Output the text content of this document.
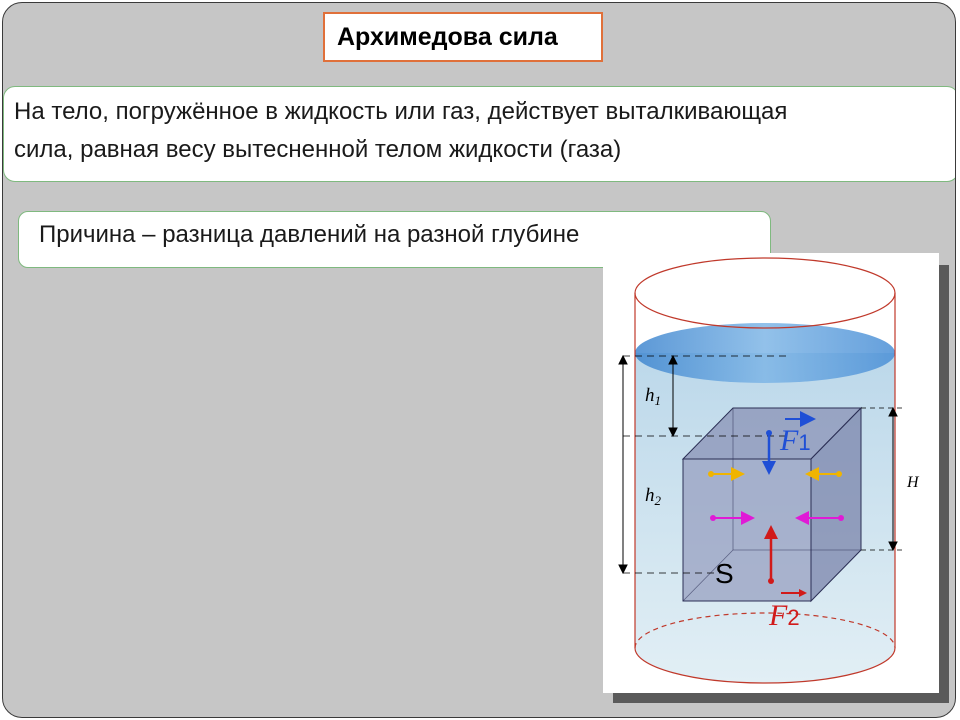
Архимедова сила
На тело, погружённое в жидкость или газ, действует выталкивающая
сила, равная весу вытесненной телом жидкости (газа)
Причина – разница давлений на разной глубине
$h_1$
$h_2$
H
F1
F2
S
